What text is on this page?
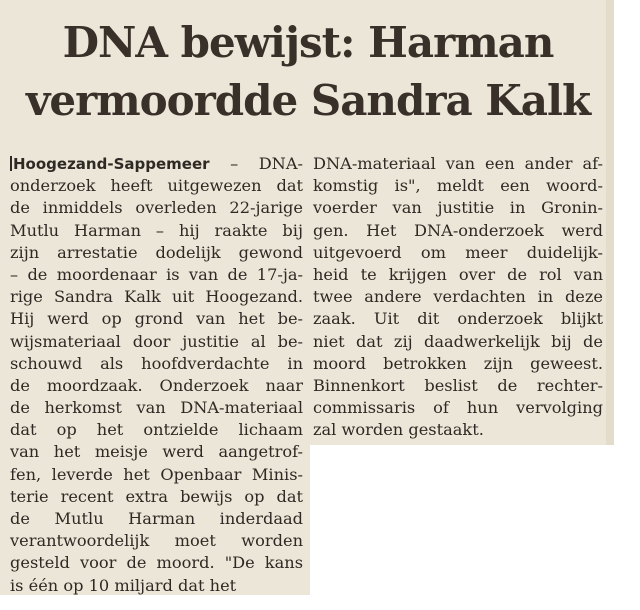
DNA bewijst: Harman
vermoordde Sandra Kalk
Hoogezand-Sappemeer – DNA-
onderzoek heeft uitgewezen dat
de inmiddels overleden 22-jarige
Mutlu Harman – hij raakte bij
zijn arrestatie dodelijk gewond
– de moordenaar is van de 17-ja-
rige Sandra Kalk uit Hoogezand.
Hij werd op grond van het be-
wijsmateriaal door justitie al be-
schouwd als hoofdverdachte in
de moordzaak. Onderzoek naar
de herkomst van DNA-materiaal
dat op het ontzielde lichaam
van het meisje werd aangetrof-
fen, leverde het Openbaar Minis-
terie recent extra bewijs op dat
de Mutlu Harman inderdaad
verantwoordelijk moet worden
gesteld voor de moord. "De kans
is één op 10 miljard dat het
DNA-materiaal van een ander af-
komstig is", meldt een woord-
voerder van justitie in Gronin-
gen. Het DNA-onderzoek werd
uitgevoerd om meer duidelijk-
heid te krijgen over de rol van
twee andere verdachten in deze
zaak. Uit dit onderzoek blijkt
niet dat zij daadwerkelijk bij de
moord betrokken zijn geweest.
Binnenkort beslist de rechter-
commissaris of hun vervolging
zal worden gestaakt.
